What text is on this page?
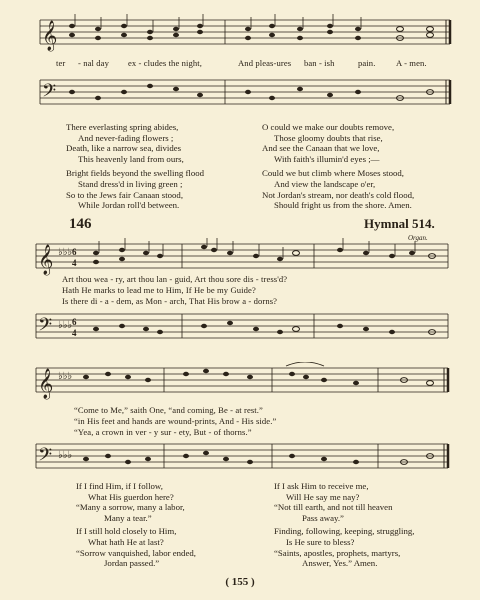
𝄞
ter - nal day ex - cludes the night,	And pleas-ures ban - ish	pain. A - men.
𝄢
There everlasting spring abides,
And never-fading flowers ;
Death, like a narrow sea, divides
This heavenly land from ours,
Bright fields beyond the swelling flood
Stand dress'd in living green ;
So to the Jews fair Canaan stood,
While Jordan roll'd between.
O could we make our doubts remove,
Those gloomy doubts that rise,
And see the Canaan that we love,
With faith's illumin'd eyes ;—
Could we but climb where Moses stood,
And view the landscape o'er,
Not Jordan's stream, nor death's cold flood,
Should fright us from the shore. Amen.
146	Hymnal 514.
Organ.
𝄞 ♭♭♭ 6
4
Art thou wea - ry, art thou lan - guid, Art thou sore dis - tress'd?
Hath He marks to lead me to Him, If He be my Guide?
Is there di - a - dem, as Mon - arch, That His brow a - dorns?
𝄢 ♭♭♭ 6
4
𝄞 ♭♭♭
“Come to Me,” saith One, “and coming, Be - at rest.”
“in His feet and hands are wound-prints, And - His side.”
“Yea, a crown in ver - y sur - ety, But - of thorns.”
𝄢 ♭♭♭
If I find Him, if I follow,
What His guerdon here?
“Many a sorrow, many a labor,
Many a tear.”
If I still hold closely to Him,
What hath He at last?
“Sorrow vanquished, labor ended,
Jordan passed.”
If I ask Him to receive me,
Will He say me nay?
“Not till earth, and not till heaven
Pass away.”
Finding, following, keeping, struggling,
Is He sure to bless?
“Saints, apostles, prophets, martyrs,
Answer, Yes.” Amen.
( 155 )
